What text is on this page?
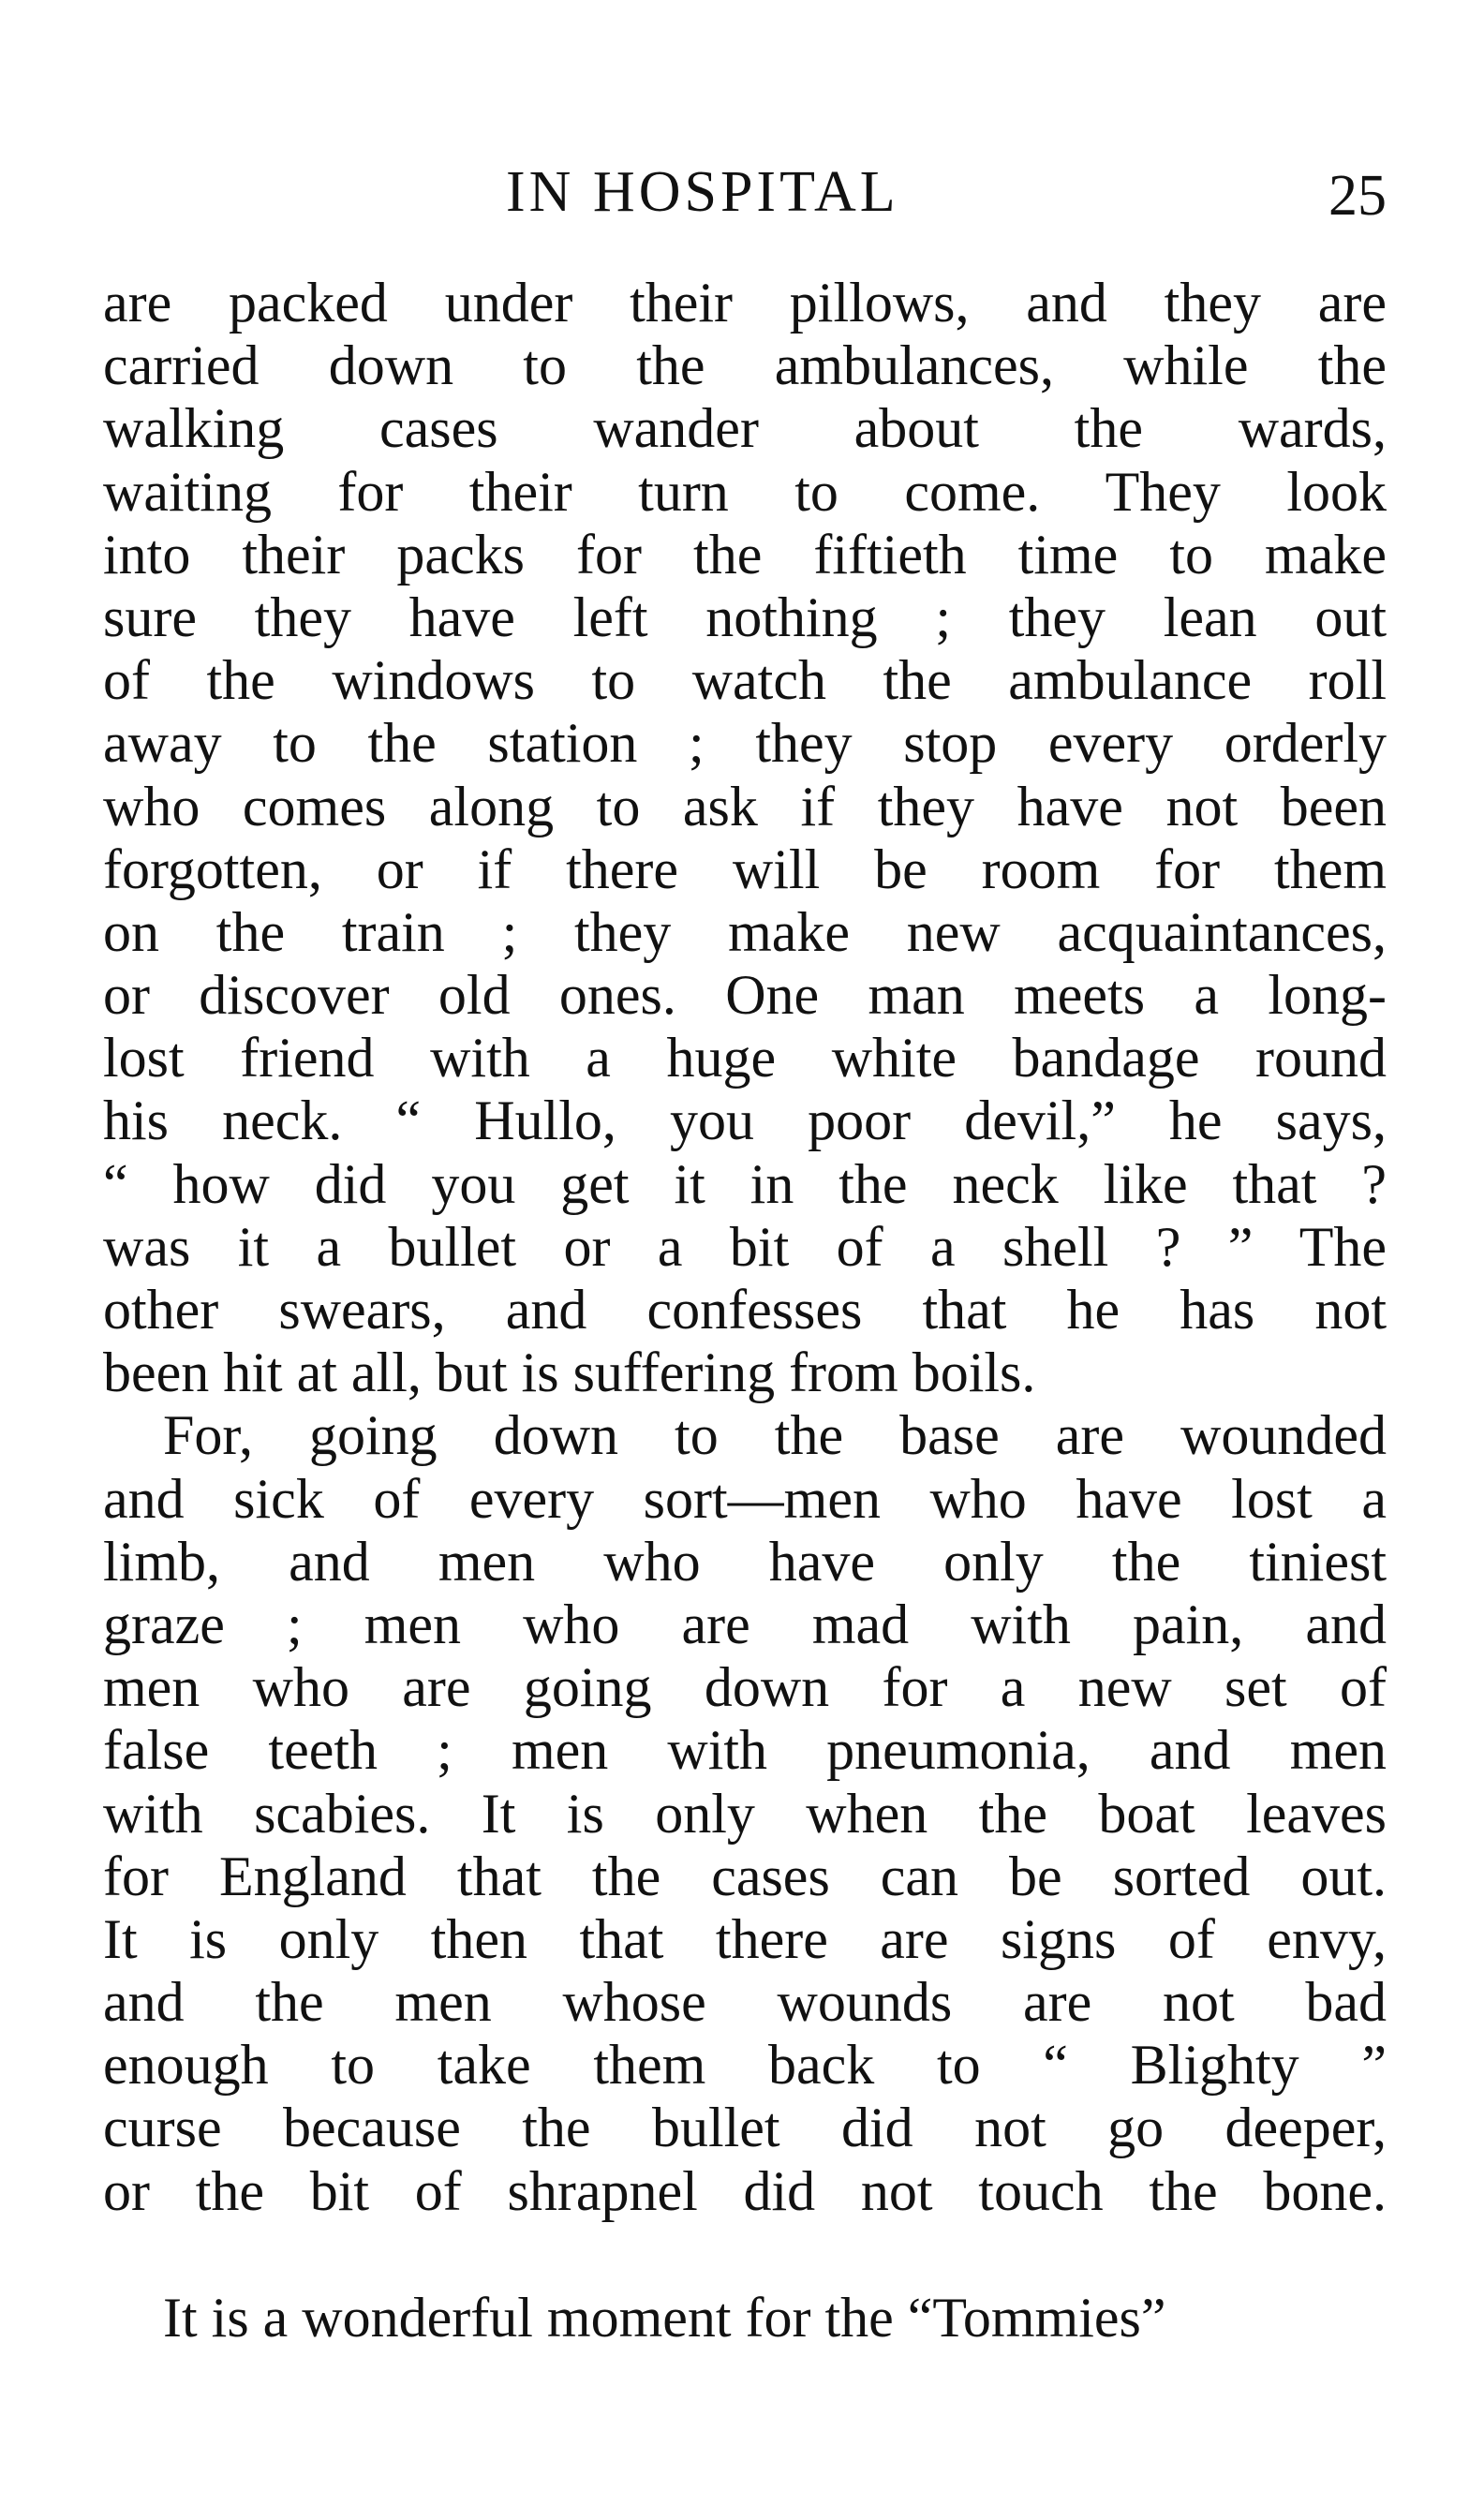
IN HOSPITAL	25
are packed under their pillows, and they are
carried down to the ambulances, while the
walking cases wander about the wards,
waiting for their turn to come. They look
into their packs for the fiftieth time to make
sure they have left nothing ; they lean out
of the windows to watch the ambulance roll
away to the station ; they stop every orderly
who comes along to ask if they have not been
forgotten, or if there will be room for them
on the train ; they make new acquaintances,
or discover old ones. One man meets a long-
lost friend with a huge white bandage round
his neck. “ Hullo, you poor devil,” he says,
“ how did you get it in the neck like that ?
was it a bullet or a bit of a shell ? ” The
other swears, and confesses that he has not
been hit at all, but is suffering from boils.
For, going down to the base are wounded
and sick of every sort—men who have lost a
limb, and men who have only the tiniest
graze ; men who are mad with pain, and
men who are going down for a new set of
false teeth ; men with pneumonia, and men
with scabies. It is only when the boat leaves
for England that the cases can be sorted out.
It is only then that there are signs of envy,
and the men whose wounds are not bad
enough to take them back to “ Blighty ”
curse because the bullet did not go deeper,
or the bit of shrapnel did not touch the bone.
It is a wonderful moment for the “Tommies”
